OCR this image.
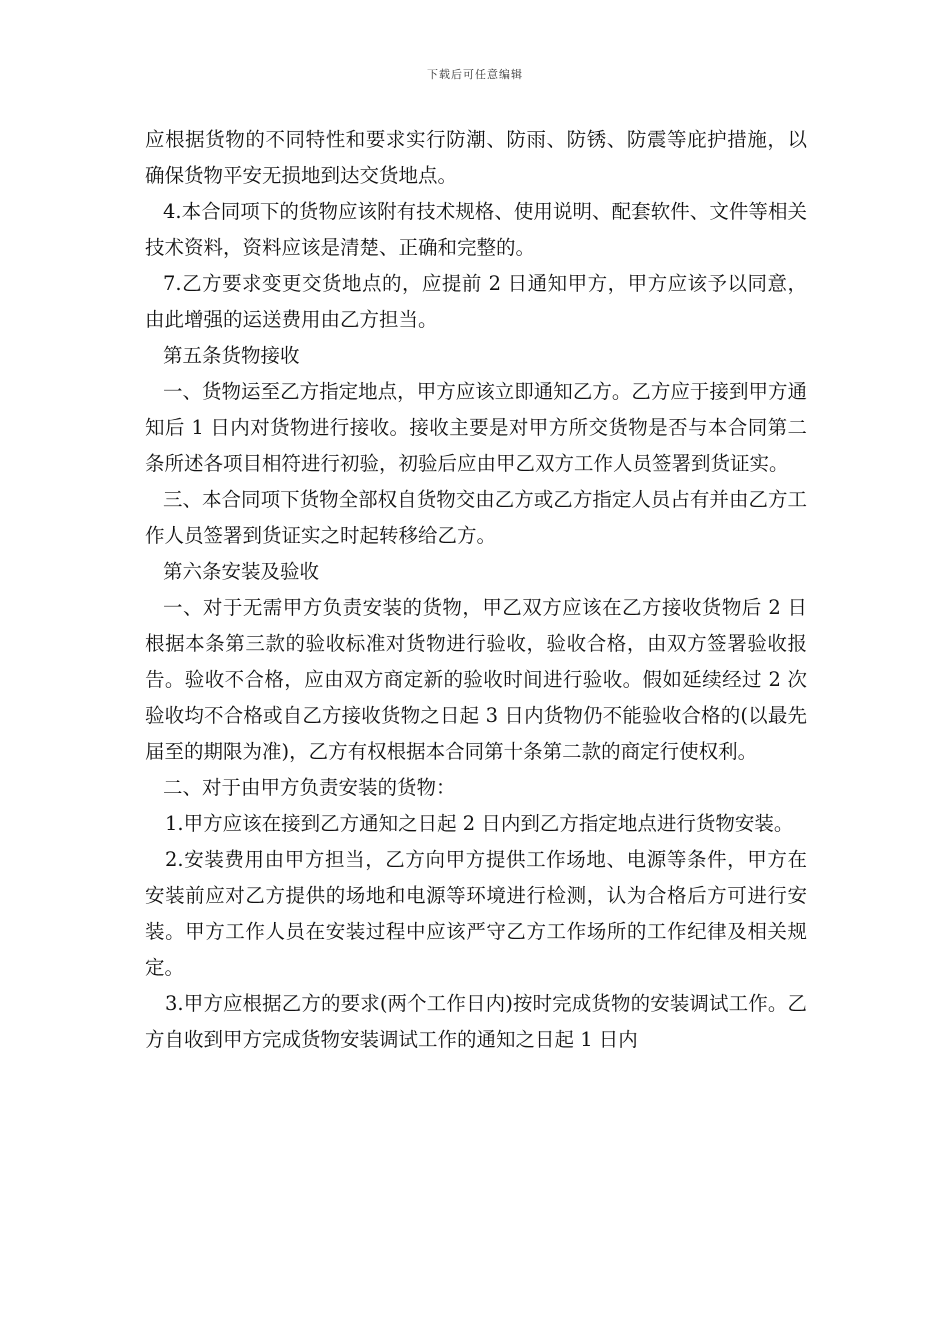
下载后可任意编辑

应根据货物的不同特性和要求实行防潮、防雨、防锈、防震等庇护措施，以确保货物平安无损地到达交货地点。

4.本合同项下的货物应该附有技术规格、使用说明、配套软件、文件等相关技术资料，资料应该是清楚、正确和完整的。

7.乙方要求变更交货地点的，应提前 2 日通知甲方，甲方应该予以同意，由此增强的运送费用由乙方担当。

第五条货物接收

一、货物运至乙方指定地点，甲方应该立即通知乙方。乙方应于接到甲方通知后 1 日内对货物进行接收。接收主要是对甲方所交货物是否与本合同第二条所述各项目相符进行初验，初验后应由甲乙双方工作人员签署到货证实。

三、本合同项下货物全部权自货物交由乙方或乙方指定人员占有并由乙方工作人员签署到货证实之时起转移给乙方。

第六条安装及验收

一、对于无需甲方负责安装的货物，甲乙双方应该在乙方接收货物后 2 日根据本条第三款的验收标准对货物进行验收，验收合格，由双方签署验收报告。验收不合格，应由双方商定新的验收时间进行验收。假如延续经过 2 次验收均不合格或自乙方接收货物之日起 3 日内货物仍不能验收合格的(以最先届至的期限为准)，乙方有权根据本合同第十条第二款的商定行使权利。

二、对于由甲方负责安装的货物：

1.甲方应该在接到乙方通知之日起 2 日内到乙方指定地点进行货物安装。

2.安装费用由甲方担当，乙方向甲方提供工作场地、电源等条件，甲方在安装前应对乙方提供的场地和电源等环境进行检测，认为合格后方可进行安装。甲方工作人员在安装过程中应该严守乙方工作场所的工作纪律及相关规定。

3.甲方应根据乙方的要求(两个工作日内)按时完成货物的安装调试工作。乙方自收到甲方完成货物安装调试工作的通知之日起 1 日内
